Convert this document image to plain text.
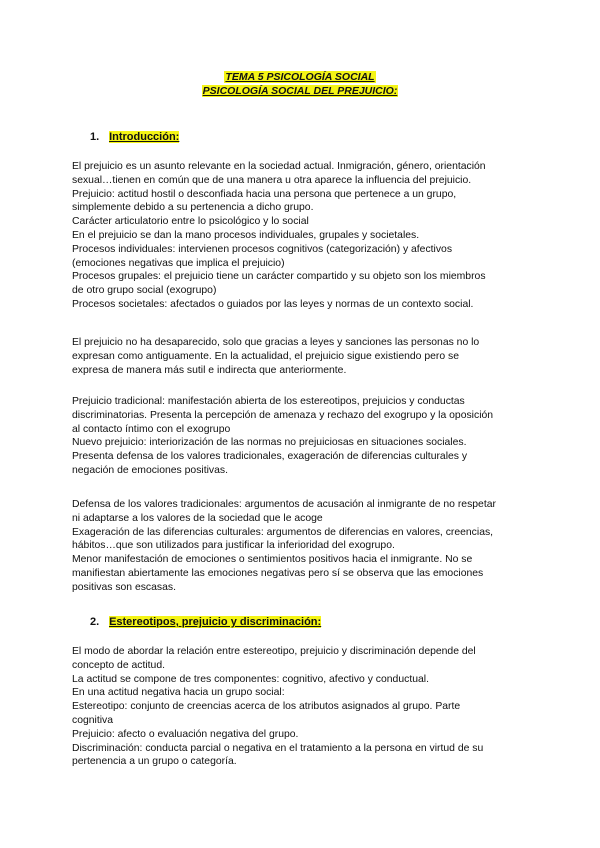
TEMA 5 PSICOLOGÍA SOCIAL
PSICOLOGÍA SOCIAL DEL PREJUICIO:
1. Introducción:

El prejuicio es un asunto relevante en la sociedad actual. Inmigración, género, orientación

sexual…tienen en común que de una manera u otra aparece la influencia del prejuicio.

Prejuicio: actitud hostil o desconfiada hacia una persona que pertenece a un grupo,

simplemente debido a su pertenencia a dicho grupo.

Carácter articulatorio entre lo psicológico y lo social

En el prejuicio se dan la mano procesos individuales, grupales y societales.

Procesos individuales: intervienen procesos cognitivos (categorización) y afectivos

(emociones negativas que implica el prejuicio)

Procesos grupales: el prejuicio tiene un carácter compartido y su objeto son los miembros

de otro grupo social (exogrupo)

Procesos societales: afectados o guiados por las leyes y normas de un contexto social.

El prejuicio no ha desaparecido, solo que gracias a leyes y sanciones las personas no lo

expresan como antiguamente. En la actualidad, el prejuicio sigue existiendo pero se

expresa de manera más sutil e indirecta que anteriormente.

Prejuicio tradicional: manifestación abierta de los estereotipos, prejuicios y conductas

discriminatorias. Presenta la percepción de amenaza y rechazo del exogrupo y la oposición

al contacto íntimo con el exogrupo

Nuevo prejuicio: interiorización de las normas no prejuiciosas en situaciones sociales.

Presenta defensa de los valores tradicionales, exageración de diferencias culturales y

negación de emociones positivas.

Defensa de los valores tradicionales: argumentos de acusación al inmigrante de no respetar

ni adaptarse a los valores de la sociedad que le acoge

Exageración de las diferencias culturales: argumentos de diferencias en valores, creencias,

hábitos…que son utilizados para justificar la inferioridad del exogrupo.

Menor manifestación de emociones o sentimientos positivos hacia el inmigrante. No se

manifiestan abiertamente las emociones negativas pero sí se observa que las emociones

positivas son escasas.

2. Estereotipos, prejuicio y discriminación:

El modo de abordar la relación entre estereotipo, prejuicio y discriminación depende del

concepto de actitud.

La actitud se compone de tres componentes: cognitivo, afectivo y conductual.

En una actitud negativa hacia un grupo social:

Estereotipo: conjunto de creencias acerca de los atributos asignados al grupo. Parte

cognitiva

Prejuicio: afecto o evaluación negativa del grupo.

Discriminación: conducta parcial o negativa en el tratamiento a la persona en virtud de su

pertenencia a un grupo o categoría.
